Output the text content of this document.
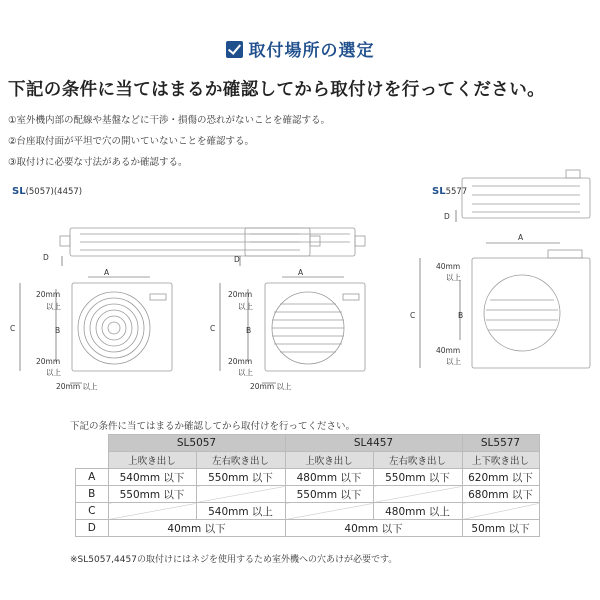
取付場所の選定
下記の条件に当てはまるか確認してから取付けを行ってください。
①室外機内部の配線や基盤などに干渉・損傷の恐れがないことを確認する。
②台座取付面が平坦で穴の開いていないことを確認する。
③取付けに必要な寸法があるか確認する。
SL(5057)(4457)	SL5577
D	D
D
A	A
A
C	C
C
B	B
B
20mm
以上
20mm
以上
20mm
以上
20mm
以上
40mm
以上
40mm
以上
20mm 以上	20mm 以上
下記の条件に当てはまるか確認してから取付けを行ってください。
	SL5057		SL4457		SL5577
	上吹き出し	左右吹き出し	上吹き出し	左右吹き出し	上下吹き出し
A	540mm 以下	550mm 以下	480mm 以下	550mm 以下	620mm 以下
B	550mm 以下		550mm 以下		680mm 以下
C		540mm 以上		480mm 以上	
D	40mm 以下		40mm 以下		50mm 以下
※SL5057,4457の取付けにはネジを使用するため室外機への穴あけが必要です。
